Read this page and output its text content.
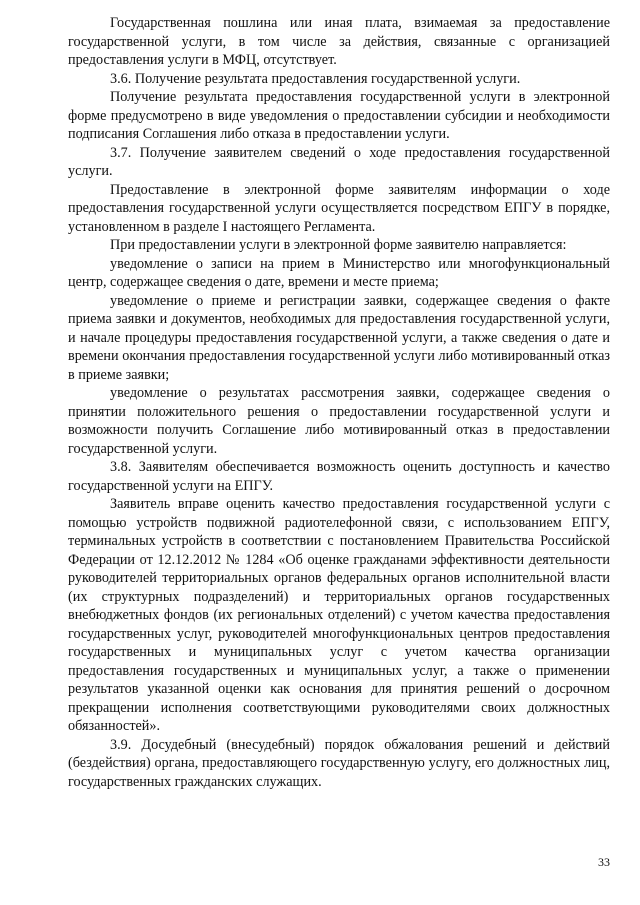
Государственная пошлина или иная плата, взимаемая за предоставление государственной услуги, в том числе за действия, связанные с организацией предоставления услуги в МФЦ, отсутствует.

3.6. Получение результата предоставления государственной услуги.

Получение результата предоставления государственной услуги в электронной форме предусмотрено в виде уведомления о предоставлении субсидии и необходимости подписания Соглашения либо отказа в предоставлении услуги.

3.7. Получение заявителем сведений о ходе предоставления государственной услуги.

Предоставление в электронной форме заявителям информации о ходе предоставления государственной услуги осуществляется посредством ЕПГУ в порядке, установленном в разделе I настоящего Регламента.

При предоставлении услуги в электронной форме заявителю направляется:

уведомление о записи на прием в Министерство или многофункциональный центр, содержащее сведения о дате, времени и месте приема;

уведомление о приеме и регистрации заявки, содержащее сведения о факте приема заявки и документов, необходимых для предоставления государственной услуги, и начале процедуры предоставления государственной услуги, а также сведения о дате и времени окончания предоставления государственной услуги либо мотивированный отказ в приеме заявки;

уведомление о результатах рассмотрения заявки, содержащее сведения о принятии положительного решения о предоставлении государственной услуги и возможности получить Соглашение либо мотивированный отказ в предоставлении государственной услуги.

3.8. Заявителям обеспечивается возможность оценить доступность и качество государственной услуги на ЕПГУ.

Заявитель вправе оценить качество предоставления государственной услуги с помощью устройств подвижной радиотелефонной связи, с использованием ЕПГУ, терминальных устройств в соответствии с постановлением Правительства Российской Федерации от 12.12.2012 № 1284 «Об оценке гражданами эффективности деятельности руководителей территориальных органов федеральных органов исполнительной власти (их структурных подразделений) и территориальных органов государственных внебюджетных фондов (их региональных отделений) с учетом качества предоставления государственных услуг, руководителей многофункциональных центров предоставления государственных и муниципальных услуг с учетом качества организации предоставления государственных и муниципальных услуг, а также о применении результатов указанной оценки как основания для принятия решений о досрочном прекращении исполнения соответствующими руководителями своих должностных обязанностей».

3.9. Досудебный (внесудебный) порядок обжалования решений и действий (бездействия) органа, предоставляющего государственную услугу, его должностных лиц, государственных гражданских служащих.

33
